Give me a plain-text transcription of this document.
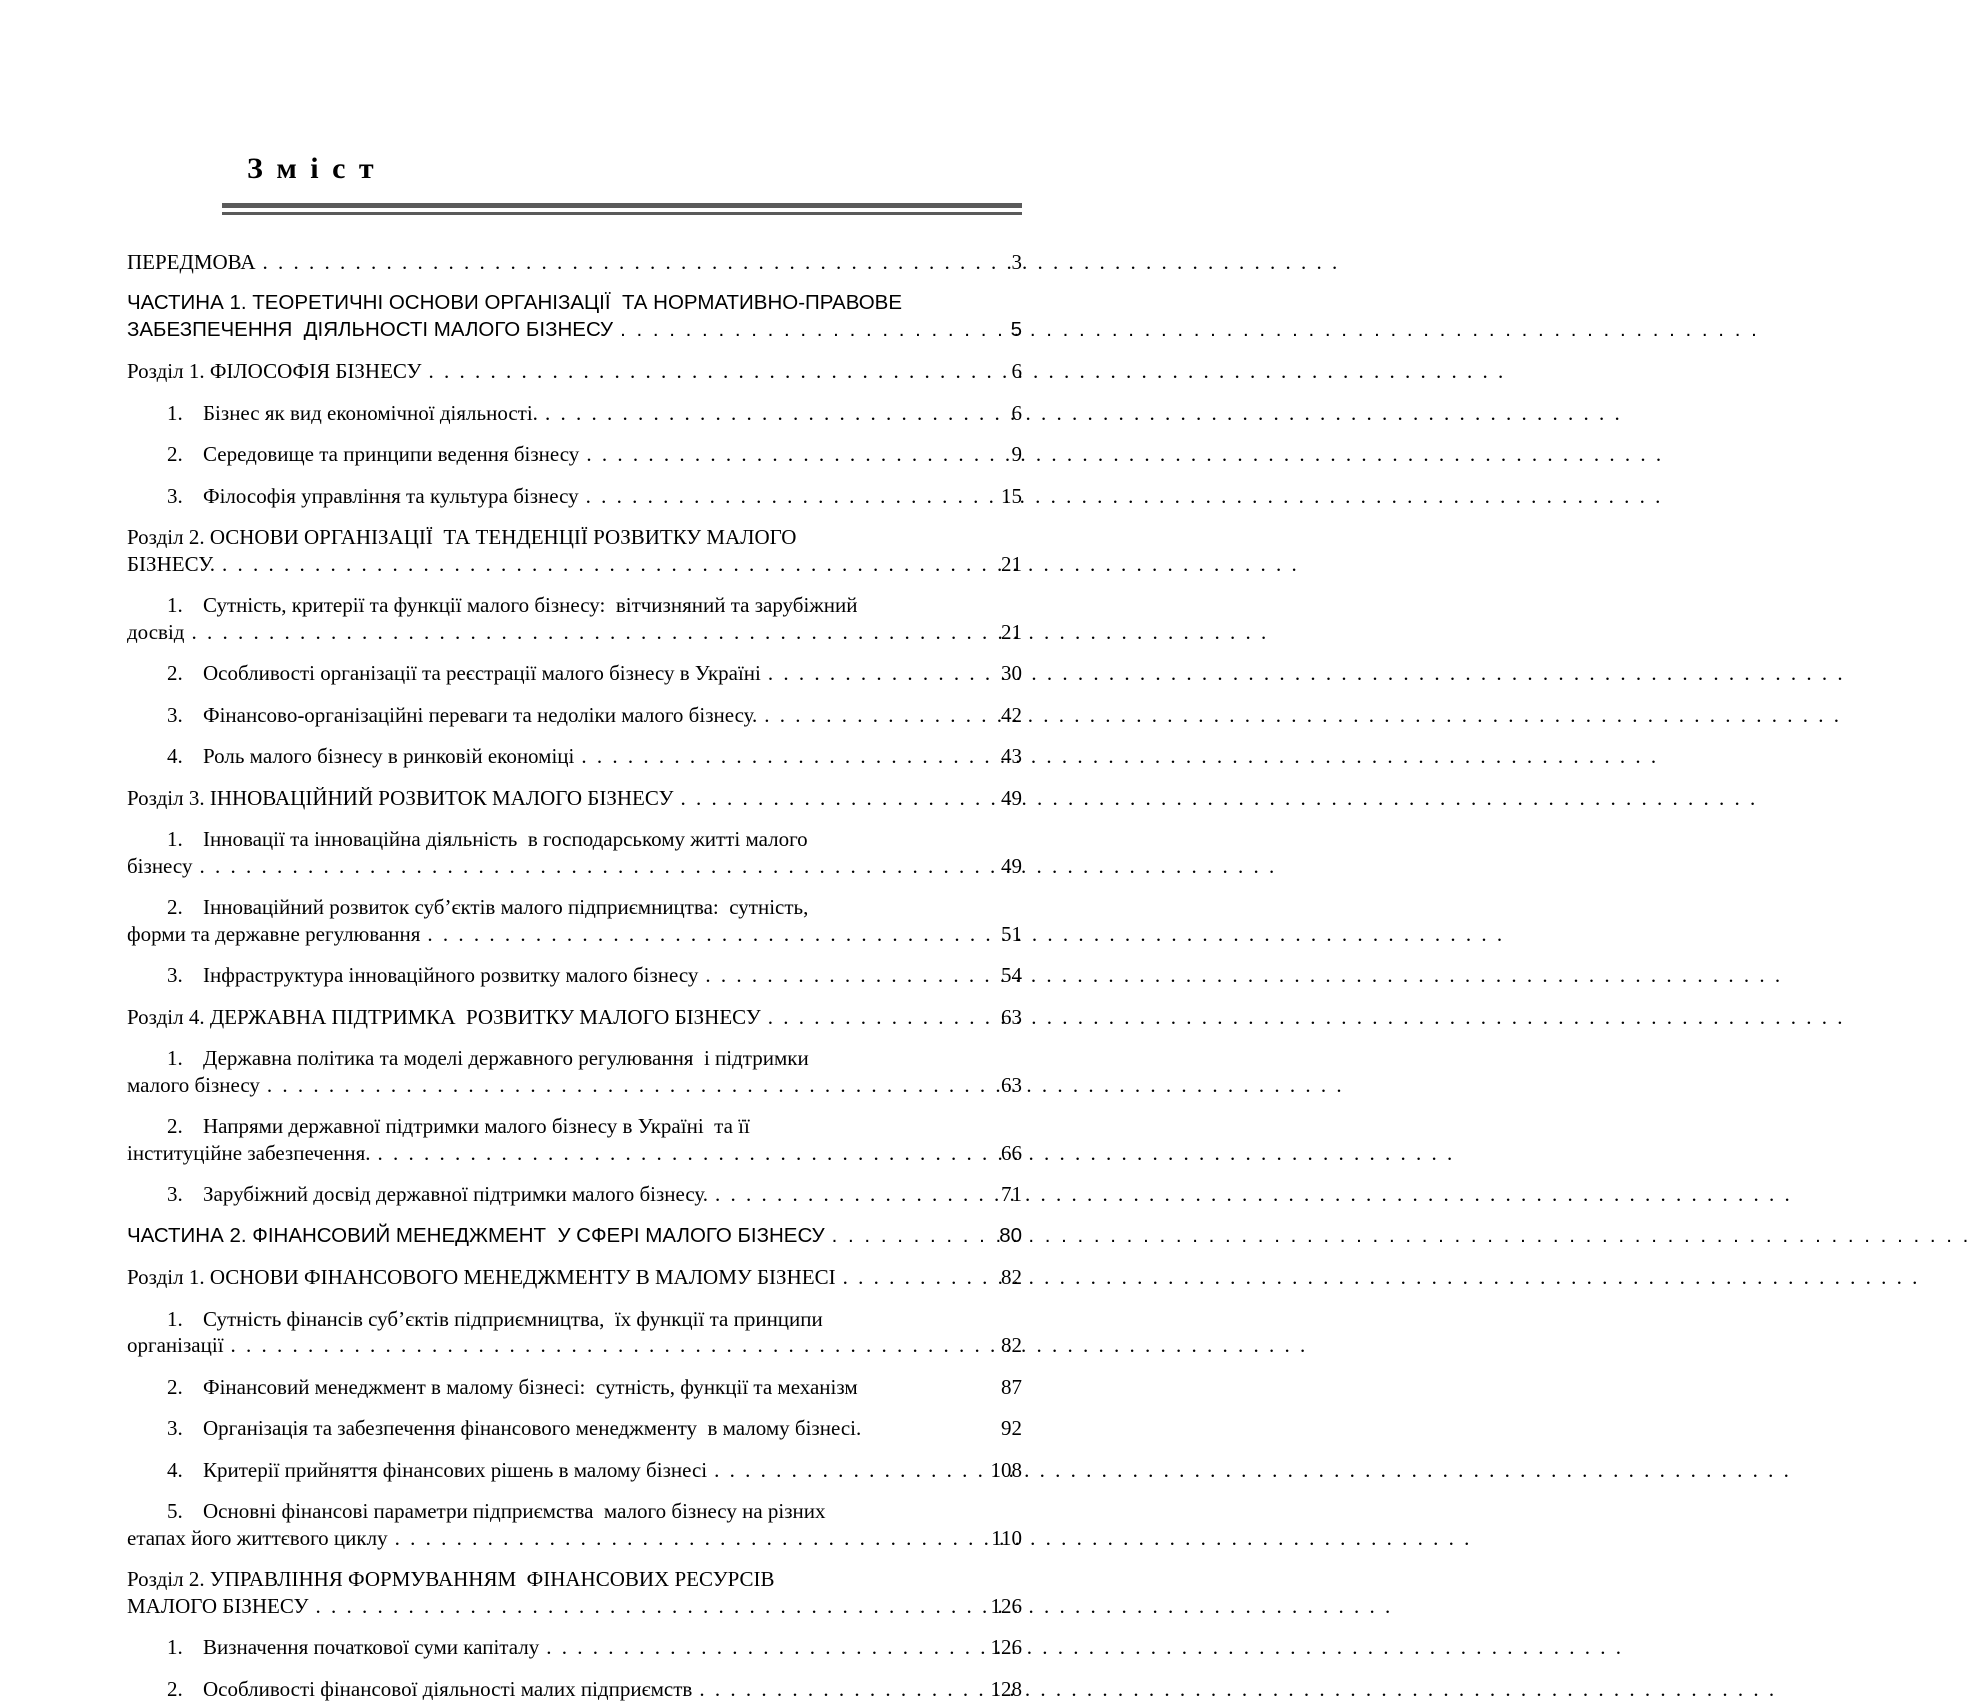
З м і с т
ПЕРЕДМОВА . . .	3
ЧАСТИНА 1. ТЕОРЕТИЧНІ ОСНОВИ ОРГАНІЗАЦІЇ  ТА НОРМАТИВНО-ПРАВОВЕ
ЗАБЕЗПЕЧЕННЯ  ДІЯЛЬНОСТІ МАЛОГО БІЗНЕСУ . . .	5
Розділ 1. ФІЛОСОФІЯ БІЗНЕСУ . . .	6
1. Бізнес як вид економічної діяльності. . . .	6
2. Середовище та принципи ведення бізнесу . . .	9
3. Філософія управління та культура бізнесу . . .	15
Розділ 2. ОСНОВИ ОРГАНІЗАЦІЇ  ТА ТЕНДЕНЦІЇ РОЗВИТКУ МАЛОГО
БІЗНЕСУ. . . .	21
1. Сутність, критерії та функції малого бізнесу:  вітчизняний та зарубіжний
досвід . . .	21
2. Особливості організації та реєстрації малого бізнесу в Україні . . .	30
3. Фінансово-організаційні переваги та недоліки малого бізнесу. . . .	42
4. Роль малого бізнесу в ринковій економіці . . .	43
Розділ 3. ІННОВАЦІЙНИЙ РОЗВИТОК МАЛОГО БІЗНЕСУ . . .	49
1. Інновації та інноваційна діяльність  в господарському житті малого
бізнесу . . .	49
2. Інноваційний розвиток суб’єктів малого підприємництва:  сутність,
форми та державне регулювання . . .	51
3. Інфраструктура інноваційного розвитку малого бізнесу . . .	54
Розділ 4. ДЕРЖАВНА ПІДТРИМКА  РОЗВИТКУ МАЛОГО БІЗНЕСУ . . .	63
1. Державна політика та моделі державного регулювання  і підтримки
малого бізнесу . . .	63
2. Напрями державної підтримки малого бізнесу в Україні  та її
інституційне забезпечення. . . .	66
3. Зарубіжний досвід державної підтримки малого бізнесу. . . .	71
ЧАСТИНА 2. ФІНАНСОВИЙ МЕНЕДЖМЕНТ  У СФЕРІ МАЛОГО БІЗНЕСУ . . .	80
Розділ 1. ОСНОВИ ФІНАНСОВОГО МЕНЕДЖМЕНТУ В МАЛОМУ БІЗНЕСІ . . .	82
1. Сутність фінансів суб’єктів підприємництва,  їх функції та принципи
організації . . .	82
2. Фінансовий менеджмент в малому бізнесі:  сутність, функції та механізм	87
3. Організація та забезпечення фінансового менеджменту  в малому бізнесі.	92
4. Критерії прийняття фінансових рішень в малому бізнесі . . .	108
5. Основні фінансові параметри підприємства  малого бізнесу на різних
етапах його життєвого циклу . . .	110
Розділ 2. УПРАВЛІННЯ ФОРМУВАННЯМ  ФІНАНСОВИХ РЕСУРСІВ
МАЛОГО БІЗНЕСУ . . .	126
1. Визначення початкової суми капіталу . . .	126
2. Особливості фінансової діяльності малих підприємств . . .	128
